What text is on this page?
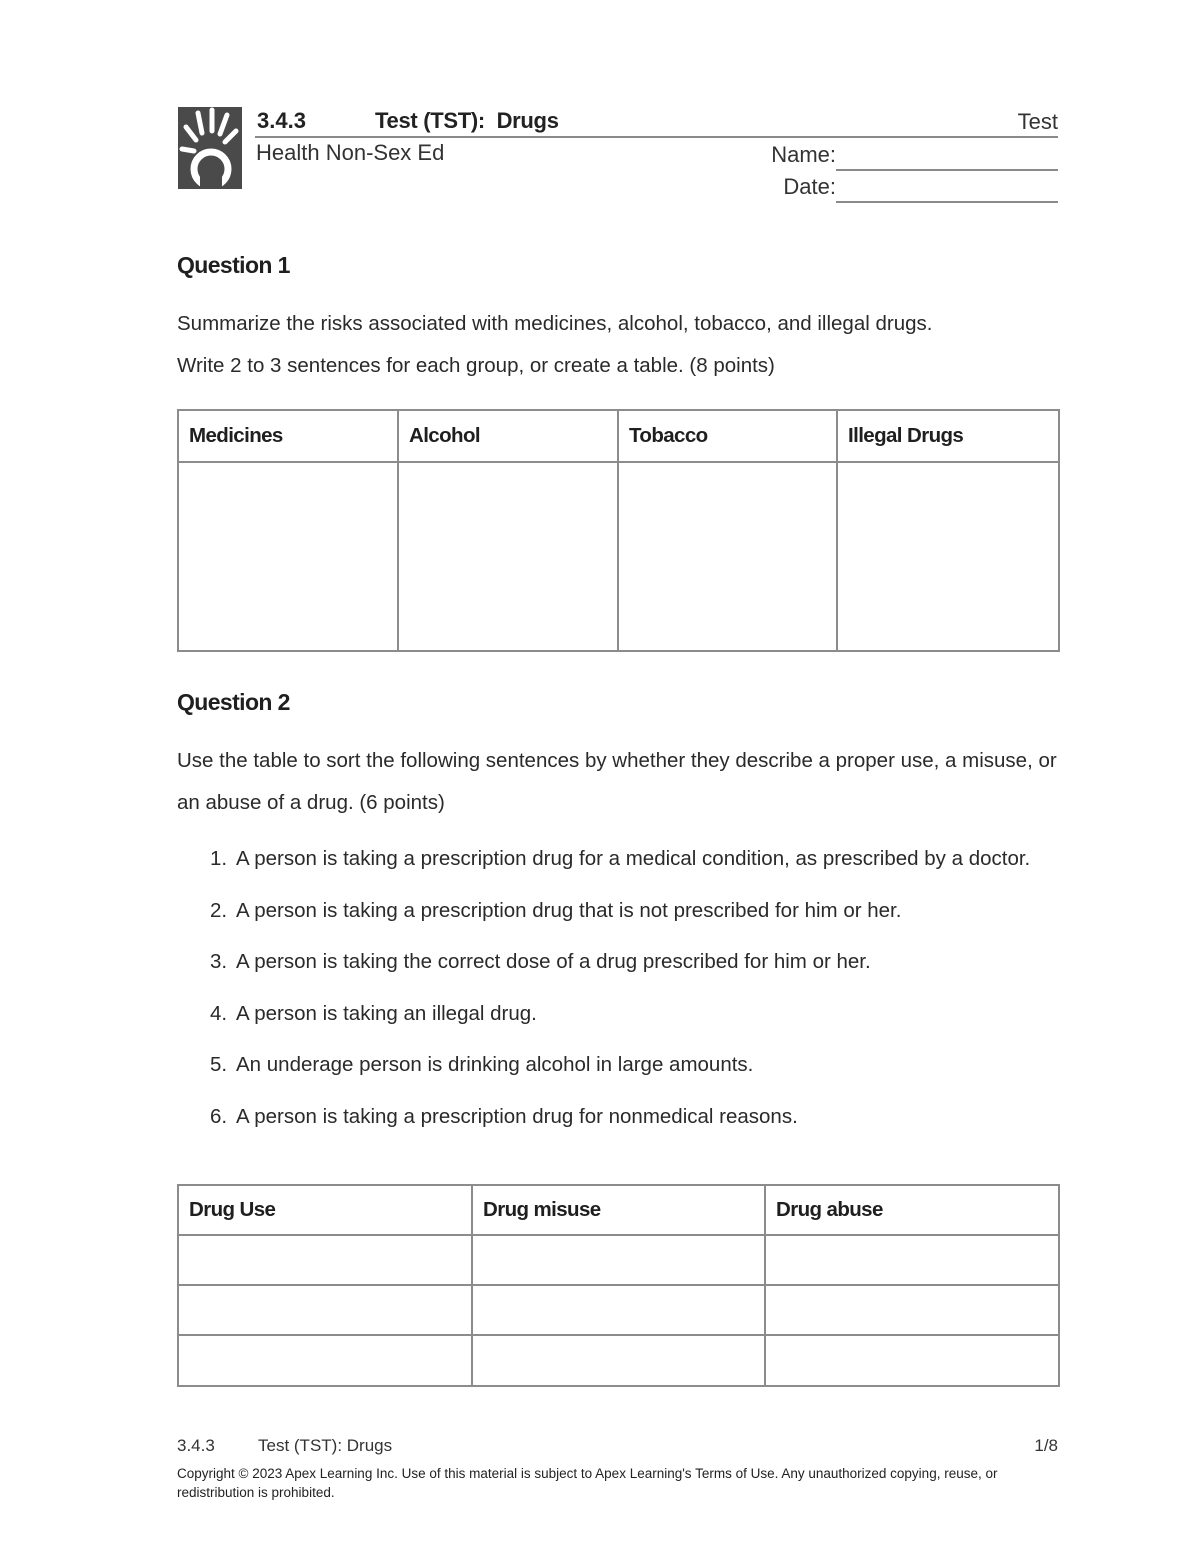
3.4.3	Test (TST):  Drugs	Test
Health Non-Sex Ed	Name:
Date:
Question 1
Summarize the risks associated with medicines, alcohol, tobacco, and illegal drugs.
Write 2 to 3 sentences for each group, or create a table. (8 points)
Medicines	Alcohol	Tobacco	Illegal Drugs

Question 2
Use the table to sort the following sentences by whether they describe a proper use, a misuse, or an abuse of a drug. (6 points)
1. A person is taking a prescription drug for a medical condition, as prescribed by a doctor.
2. A person is taking a prescription drug that is not prescribed for him or her.
3. A person is taking the correct dose of a drug prescribed for him or her.
4. A person is taking an illegal drug.
5. An underage person is drinking alcohol in large amounts.
6. A person is taking a prescription drug for nonmedical reasons.
Drug Use	Drug misuse	Drug abuse

3.4.3	Test (TST): Drugs	1/8
Copyright © 2023 Apex Learning Inc. Use of this material is subject to Apex Learning's Terms of Use. Any unauthorized copying, reuse, or redistribution is prohibited.
